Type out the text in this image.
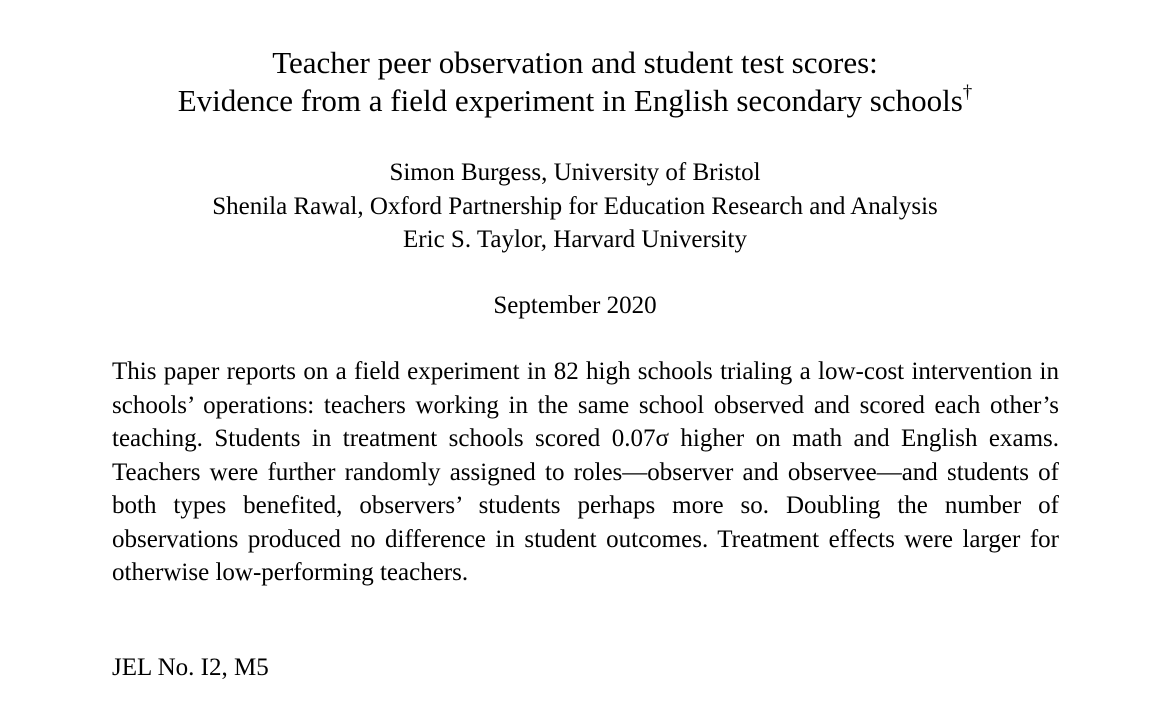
Teacher peer observation and student test scores:
Evidence from a field experiment in English secondary schools†
Simon Burgess, University of Bristol
Shenila Rawal, Oxford Partnership for Education Research and Analysis
Eric S. Taylor, Harvard University
September 2020
This paper reports on a field experiment in 82 high schools trialing a low-cost intervention in schools’ operations: teachers working in the same school observed and scored each other’s teaching. Students in treatment schools scored 0.07σ higher on math and English exams. Teachers were further randomly assigned to roles—observer and observee—and students of both types benefited, observers’ students perhaps more so. Doubling the number of observations produced no difference in student outcomes. Treatment effects were larger for otherwise low-performing teachers.
JEL No. I2, M5
